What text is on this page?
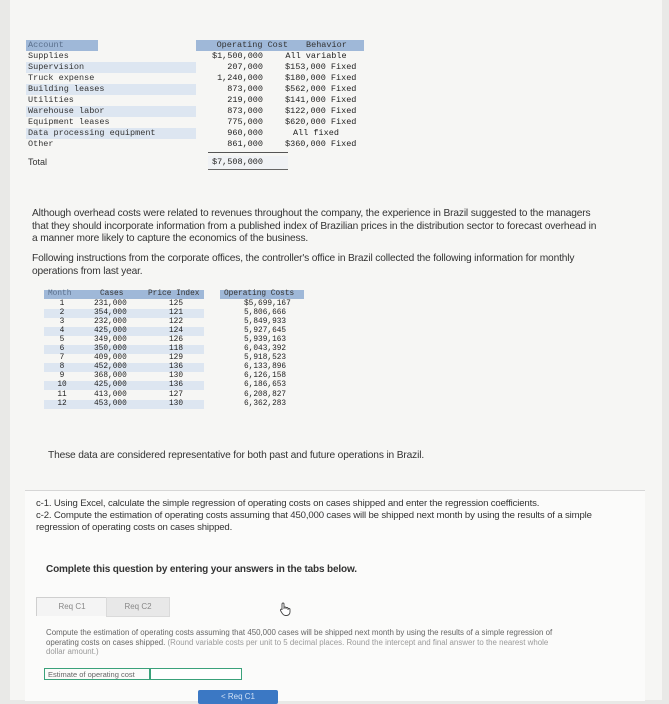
Account	Operating Cost Behavior
Supplies	$1,500,000	All variable
Supervision	207,000	$153,000 Fixed
Truck expense	1,240,000	$180,000 Fixed
Building leases	873,000	$562,000 Fixed
Utilities	219,000	$141,000 Fixed
Warehouse labor	873,000	$122,000 Fixed
Equipment leases	775,000	$620,000 Fixed
Data processing equipment	960,000	All fixed
Other	861,000	$360,000 Fixed
Total	$7,508,000
Although overhead costs were related to revenues throughout the company, the experience in Brazil suggested to the managers that they should incorporate information from a published index of Brazilian prices in the distribution sector to forecast overhead in a manner more likely to capture the economics of the business.
Following instructions from the corporate offices, the controller's office in Brazil collected the following information for monthly operations from last year.
Month	Cases	Price Index	Operating Costs
1	231,000	125	$5,699,167
2	354,000	121	5,806,666
3	232,000	122	5,849,933
4	425,000	124	5,927,645
5	349,000	126	5,939,163
6	350,000	118	6,043,392
7	409,000	129	5,918,523
8	452,000	136	6,133,896
9	368,000	130	6,126,158
10	425,000	136	6,186,653
11	413,000	127	6,208,827
12	453,000	130	6,362,283
These data are considered representative for both past and future operations in Brazil.
c-1. Using Excel, calculate the simple regression of operating costs on cases shipped and enter the regression coefficients.
c-2. Compute the estimation of operating costs assuming that 450,000 cases will be shipped next month by using the results of a simple regression of operating costs on cases shipped.
Complete this question by entering your answers in the tabs below.
Req C1	Req C2
Compute the estimation of operating costs assuming that 450,000 cases will be shipped next month by using the results of a simple regression of operating costs on cases shipped. (Round variable costs per unit to 5 decimal places. Round the intercept and final answer to the nearest whole dollar amount.)
Estimate of operating cost
< Req C1
